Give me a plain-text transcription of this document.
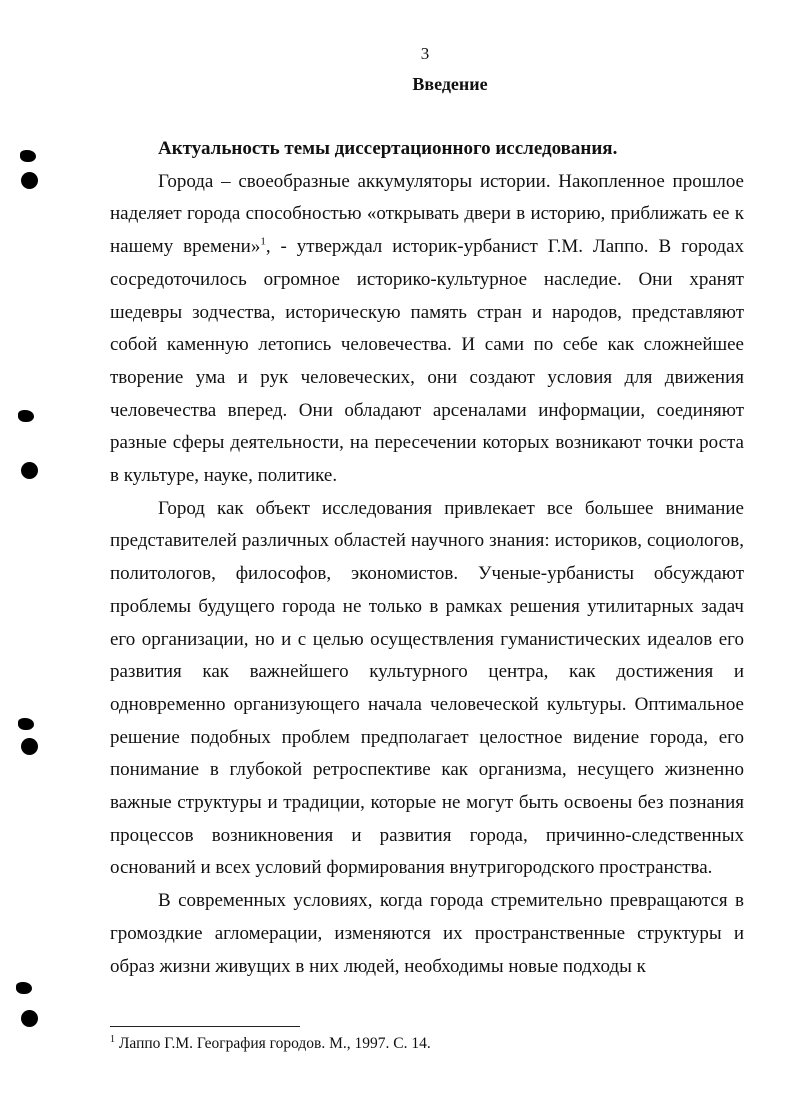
3
Введение

Актуальность темы диссертационного исследования.

Города – своеобразные аккумуляторы истории. Накопленное прошлое наделяет города способностью «открывать двери в историю, приближать ее к нашему времени»$^1$, - утверждал историк-урбанист Г.М. Лаппо. В городах сосредоточилось огромное историко-культурное наследие. Они хранят шедевры зодчества, историческую память стран и народов, представляют собой каменную летопись человечества. И сами по себе как сложнейшее творение ума и рук человеческих, они создают условия для движения человечества вперед. Они обладают арсеналами информации, соединяют разные сферы деятельности, на пересечении которых возникают точки роста в культуре, науке, политике.

Город как объект исследования привлекает все большее внимание представителей различных областей научного знания: историков, социологов, политологов, философов, экономистов. Ученые-урбанисты обсуждают проблемы будущего города не только в рамках решения утилитарных задач его организации, но и с целью осуществления гуманистических идеалов его развития как важнейшего культурного центра, как достижения и одновременно организующего начала человеческой культуры. Оптимальное решение подобных проблем предполагает целостное видение города, его понимание в глубокой ретроспективе как организма, несущего жизненно важные структуры и традиции, которые не могут быть освоены без познания процессов возникновения и развития города, причинно-следственных оснований и всех условий формирования внутригородского пространства.

В современных условиях, когда города стремительно превращаются в громоздкие агломерации, изменяются их пространственные структуры и образ жизни живущих в них людей, необходимы новые подходы к

$^1$ Лаппо Г.М. География городов. М., 1997. С. 14.
